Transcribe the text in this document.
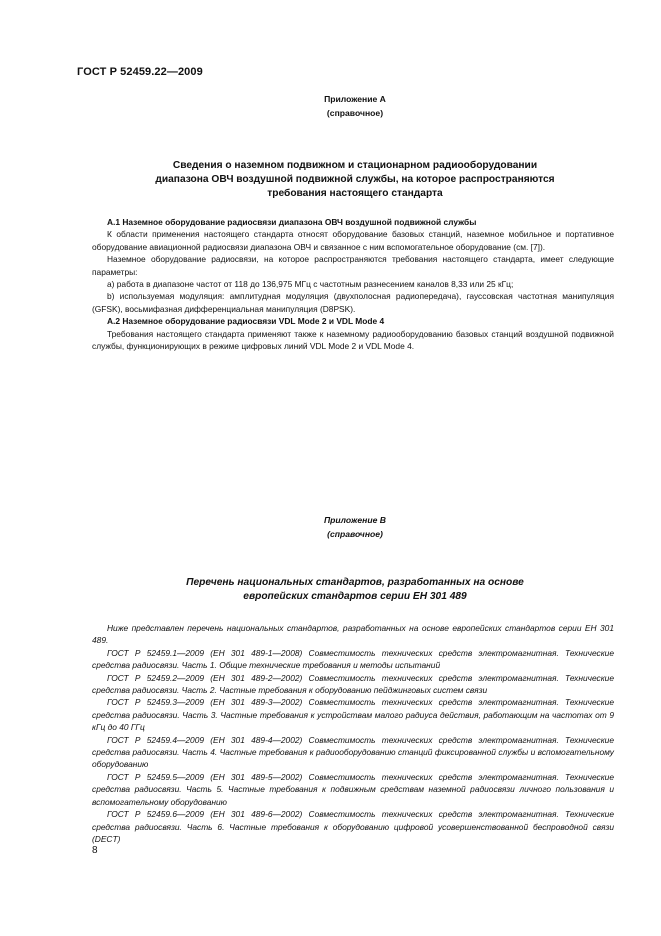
ГОСТ Р 52459.22—2009
Приложение А
(справочное)
Сведения о наземном подвижном и стационарном радиооборудовании
диапазона ОВЧ воздушной подвижной службы, на которое распространяются
требования настоящего стандарта

А.1 Наземное оборудование радиосвязи диапазона ОВЧ воздушной подвижной службы

К области применения настоящего стандарта относят оборудование базовых станций, наземное мобильное и портативное оборудование авиационной радиосвязи диапазона ОВЧ и связанное с ним вспомогательное оборудование (см. [7]).

Наземное оборудование радиосвязи, на которое распространяются требования настоящего стандарта, имеет следующие параметры:

а) работа в диапазоне частот от 118 до 136,975 МГц с частотным разнесением каналов 8,33 или 25 кГц;

b) используемая модуляция: амплитудная модуляция (двухполосная радиопередача), гауссовская частотная манипуляция (GFSK), восьмифазная дифференциальная манипуляция (D8PSK).

А.2 Наземное оборудование радиосвязи VDL Mode 2 и VDL Mode 4

Требования настоящего стандарта применяют также к наземному радиооборудованию базовых станций воздушной подвижной службы, функционирующих в режиме цифровых линий VDL Mode 2 и VDL Mode 4.

Приложение В
(справочное)
Перечень национальных стандартов, разработанных на основе
европейских стандартов серии ЕН 301 489

Ниже представлен перечень национальных стандартов, разработанных на основе европейских стандартов серии ЕН 301 489.

ГОСТ Р 52459.1—2009 (ЕН 301 489-1—2008) Совместимость технических средств электромагнитная. Технические средства радиосвязи. Часть 1. Общие технические требования и методы испытаний

ГОСТ Р 52459.2—2009 (ЕН 301 489-2—2002) Совместимость технических средств электромагнитная. Технические средства радиосвязи. Часть 2. Частные требования к оборудованию пейджинговых систем связи

ГОСТ Р 52459.3—2009 (ЕН 301 489-3—2002) Совместимость технических средств электромагнитная. Технические средства радиосвязи. Часть 3. Частные требования к устройствам малого радиуса действия, работающим на частотах от 9 кГц до 40 ГГц

ГОСТ Р 52459.4—2009 (ЕН 301 489-4—2002) Совместимость технических средств электромагнитная. Технические средства радиосвязи. Часть 4. Частные требования к радиооборудованию станций фиксированной службы и вспомогательному оборудованию

ГОСТ Р 52459.5—2009 (ЕН 301 489-5—2002) Совместимость технических средств электромагнитная. Технические средства радиосвязи. Часть 5. Частные требования к подвижным средствам наземной радиосвязи личного пользования и вспомогательному оборудованию

ГОСТ Р 52459.6—2009 (ЕН 301 489-6—2002) Совместимость технических средств электромагнитная. Технические средства радиосвязи. Часть 6. Частные требования к оборудованию цифровой усовершенствованной беспроводной связи (DECT)

8
